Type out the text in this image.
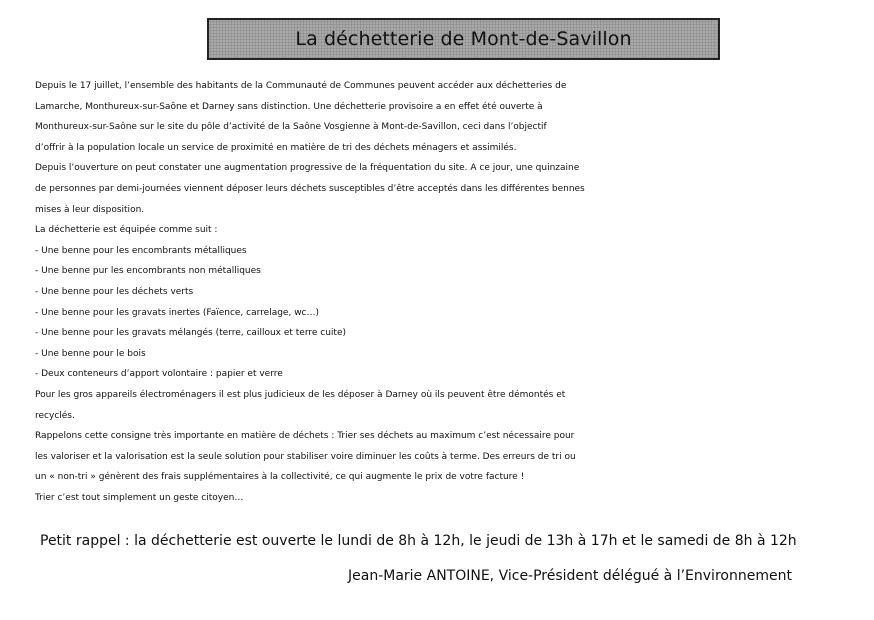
La déchetterie de Mont-de-Savillon
Depuis le 17 juillet, l’ensemble des habitants de la Communauté de Communes peuvent accéder aux déchetteries de
Lamarche, Monthureux-sur-Saône et Darney sans distinction. Une déchetterie provisoire a en effet été ouverte à
Monthureux-sur-Saône sur le site du pôle d’activité de la Saône Vosgienne à Mont-de-Savillon, ceci dans l’objectif
d’offrir à la population locale un service de proximité en matière de tri des déchets ménagers et assimilés.
Depuis l’ouverture on peut constater une augmentation progressive de la fréquentation du site. A ce jour, une quinzaine
de personnes par demi-journées viennent déposer leurs déchets susceptibles d’être acceptés dans les différentes bennes
mises à leur disposition.
La déchetterie est équipée comme suit :
- Une benne pour les encombrants métalliques
- Une benne pur les encombrants non métalliques
- Une benne pour les déchets verts
- Une benne pour les gravats inertes (Faïence, carrelage, wc…)
- Une benne pour les gravats mélangés (terre, cailloux et terre cuite)
- Une benne pour le bois
- Deux conteneurs d’apport volontaire : papier et verre
Pour les gros appareils électroménagers il est plus judicieux de les déposer à Darney où ils peuvent être démontés et
recyclés.
Rappelons cette consigne très importante en matière de déchets : Trier ses déchets au maximum c’est nécessaire pour
les valoriser et la valorisation est la seule solution pour stabiliser voire diminuer les coûts à terme. Des erreurs de tri ou
un « non-tri » génèrent des frais supplémentaires à la collectivité, ce qui augmente le prix de votre facture !
Trier c’est tout simplement un geste citoyen…
Petit rappel : la déchetterie est ouverte le lundi de 8h à 12h, le jeudi de 13h à 17h et le samedi de 8h à 12h
Jean-Marie ANTOINE, Vice-Président délégué à l’Environnement
